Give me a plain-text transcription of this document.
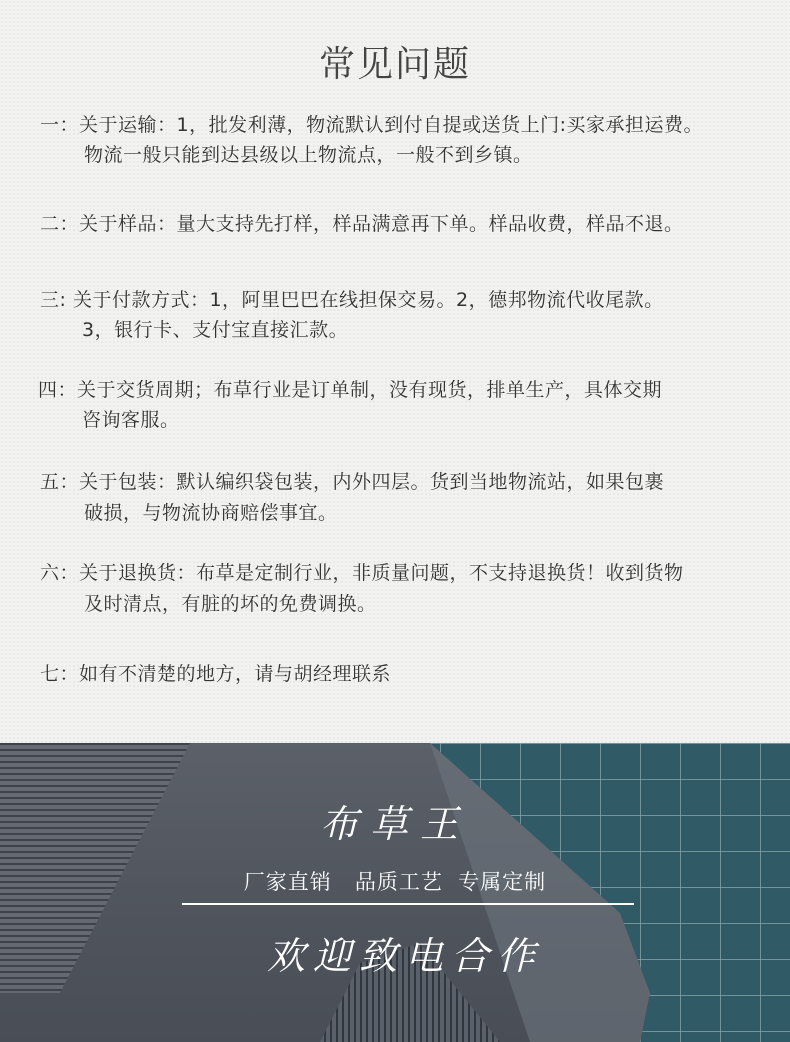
常见问题
一：关于运输：1，批发利薄，物流默认到付自提或送货上门:买家承担运费。
物流一般只能到达县级以上物流点，一般不到乡镇。
二：关于样品：量大支持先打样，样品满意再下单。样品收费，样品不退。
三: 关于付款方式：1，阿里巴巴在线担保交易。2，德邦物流代收尾款。
3，银行卡、支付宝直接汇款。
四：关于交货周期；布草行业是订单制，没有现货，排单生产，具体交期
咨询客服。
五：关于包装：默认编织袋包装，内外四层。货到当地物流站，如果包裹
破损，与物流协商赔偿事宜。
六：关于退换货：布草是定制行业，非质量问题，不支持退换货！收到货物
及时清点，有脏的坏的免费调换。
七：如有不清楚的地方，请与胡经理联系
布草王
厂家直销   品质工艺  专属定制
欢迎致电合作
